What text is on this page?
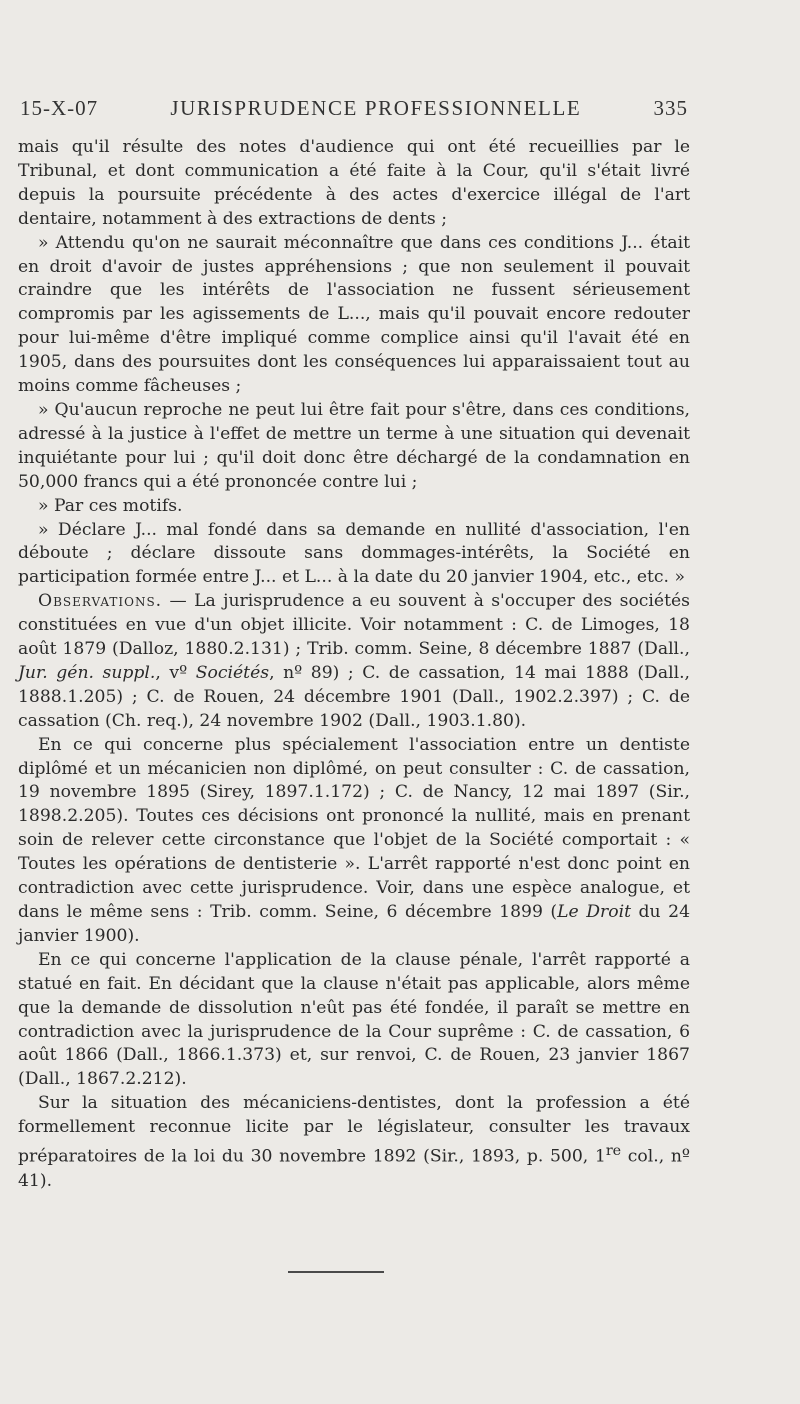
15-X-07	JURISPRUDENCE PROFESSIONNELLE	335

mais qu'il résulte des notes d'audience qui ont été recueillies par le Tribunal, et dont communication a été faite à la Cour, qu'il s'était livré depuis la poursuite précédente à des actes d'exercice illégal de l'art dentaire, notamment à des extractions de dents ;

» Attendu qu'on ne saurait méconnaître que dans ces conditions J... était en droit d'avoir de justes appréhensions ; que non seulement il pouvait craindre que les intérêts de l'association ne fussent sérieusement compromis par les agissements de L..., mais qu'il pouvait encore redouter pour lui-même d'être impliqué comme complice ainsi qu'il l'avait été en 1905, dans des poursuites dont les conséquences lui apparaissaient tout au moins comme fâcheuses ;

» Qu'aucun reproche ne peut lui être fait pour s'être, dans ces conditions, adressé à la justice à l'effet de mettre un terme à une situation qui devenait inquiétante pour lui ; qu'il doit donc être déchargé de la condamnation en 50,000 francs qui a été prononcée contre lui ;

» Par ces motifs.

» Déclare J... mal fondé dans sa demande en nullité d'association, l'en déboute ; déclare dissoute sans dommages-intérêts, la Société en participation formée entre J... et L... à la date du 20 janvier 1904, etc., etc. »

Observations. — La jurisprudence a eu souvent à s'occuper des sociétés constituées en vue d'un objet illicite. Voir notamment : C. de Limoges, 18 août 1879 (Dalloz, 1880.2.131) ; Trib. comm. Seine, 8 décembre 1887 (Dall., Jur. gén. suppl., vº Sociétés, nº 89) ; C. de cassation, 14 mai 1888 (Dall., 1888.1.205) ; C. de Rouen, 24 décembre 1901 (Dall., 1902.2.397) ; C. de cassation (Ch. req.), 24 novembre 1902 (Dall., 1903.1.80).

En ce qui concerne plus spécialement l'association entre un dentiste diplômé et un mécanicien non diplômé, on peut consulter : C. de cassation, 19 novembre 1895 (Sirey, 1897.1.172) ; C. de Nancy, 12 mai 1897 (Sir., 1898.2.205). Toutes ces décisions ont prononcé la nullité, mais en prenant soin de relever cette circonstance que l'objet de la Société comportait : « Toutes les opérations de dentisterie ». L'arrêt rapporté n'est donc point en contradiction avec cette jurisprudence. Voir, dans une espèce analogue, et dans le même sens : Trib. comm. Seine, 6 décembre 1899 (Le Droit du 24 janvier 1900).

En ce qui concerne l'application de la clause pénale, l'arrêt rapporté a statué en fait. En décidant que la clause n'était pas applicable, alors même que la demande de dissolution n'eût pas été fondée, il paraît se mettre en contradiction avec la jurisprudence de la Cour suprême : C. de cassation, 6 août 1866 (Dall., 1866.1.373) et, sur renvoi, C. de Rouen, 23 janvier 1867 (Dall., 1867.2.212).

Sur la situation des mécaniciens-dentistes, dont la profession a été formellement reconnue licite par le législateur, consulter les travaux préparatoires de la loi du 30 novembre 1892 (Sir., 1893, p. 500, 1re col., nº 41).
